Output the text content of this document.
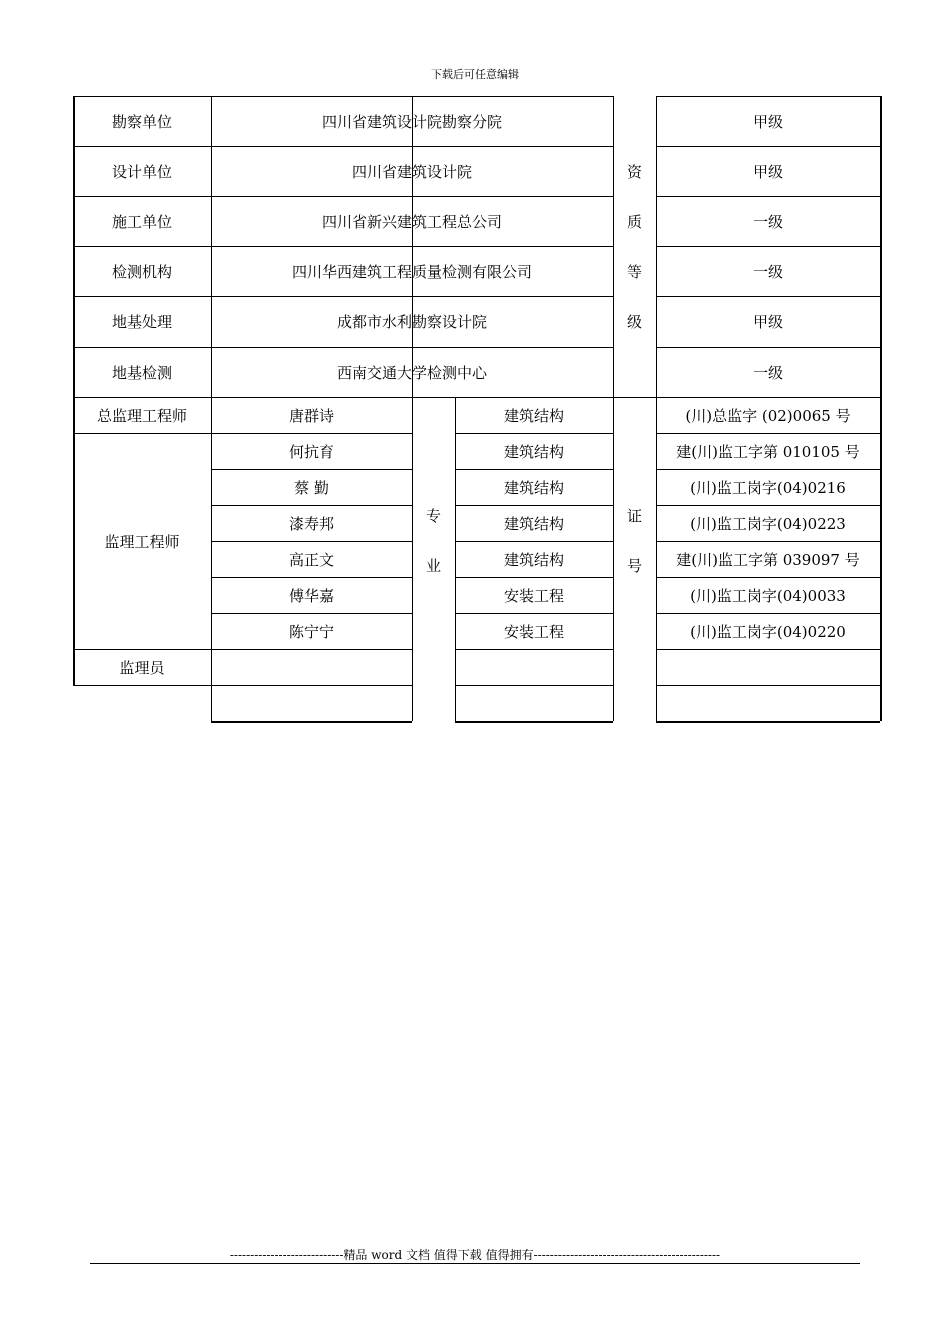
下载后可任意编辑
勘察单位	四川省建筑设计院勘察分院	甲级
设计单位	四川省建筑设计院	甲级
施工单位	四川省新兴建筑工程总公司	一级
检测机构	四川华西建筑工程质量检测有限公司	一级
地基处理	成都市水利勘察设计院	甲级
地基检测	西南交通大学检测中心	一级
资
质
等
级
总监理工程师	唐群诗	建筑结构	(川)总监字 (02)0065 号
监理工程师
何抗育	建筑结构	建(川)监工字第 010105 号
蔡 勤	建筑结构	(川)监工岗字(04)0216
漆寿邦	建筑结构	(川)监工岗字(04)0223
高正文	建筑结构	建(川)监工字第 039097 号
傅华嘉	安装工程	(川)监工岗字(04)0033
陈宁宁	安装工程	(川)监工岗字(04)0220
监理员
专
业
证
号
----------------------------精品 word 文档 值得下载 值得拥有----------------------------------------------
